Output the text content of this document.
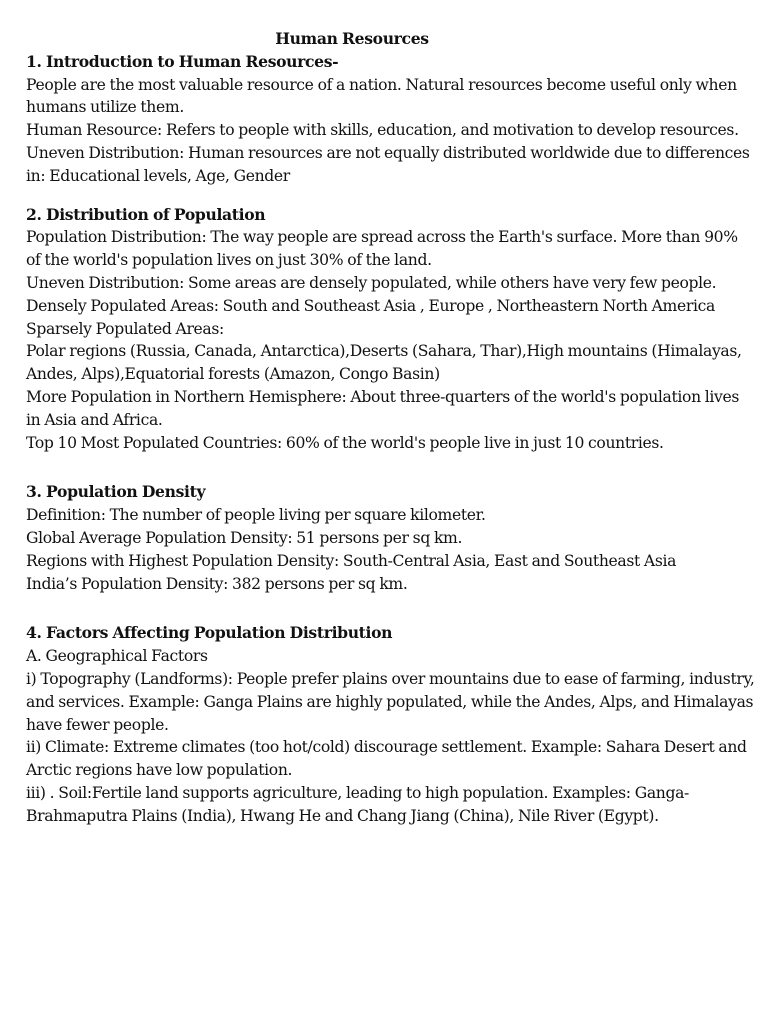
Human Resources
1. Introduction to Human Resources-

People are the most valuable resource of a nation. Natural resources become useful only when humans utilize them.

Human Resource: Refers to people with skills, education, and motivation to develop resources.

Uneven Distribution: Human resources are not equally distributed worldwide due to differences in: Educational levels, Age, Gender

2. Distribution of Population

Population Distribution: The way people are spread across the Earth's surface. More than 90% of the world's population lives on just 30% of the land.

Uneven Distribution: Some areas are densely populated, while others have very few people.

Densely Populated Areas: South and Southeast Asia , Europe , Northeastern North America

Sparsely Populated Areas:

Polar regions (Russia, Canada, Antarctica),Deserts (Sahara, Thar),High mountains (Himalayas, Andes, Alps),Equatorial forests (Amazon, Congo Basin)

More Population in Northern Hemisphere: About three-quarters of the world's population lives in Asia and Africa.

Top 10 Most Populated Countries: 60% of the world's people live in just 10 countries.

3. Population Density

Definition: The number of people living per square kilometer.

Global Average Population Density: 51 persons per sq km.

Regions with Highest Population Density: South-Central Asia, East and Southeast Asia

India’s Population Density: 382 persons per sq km.

4. Factors Affecting Population Distribution

A. Geographical Factors

i) Topography (Landforms): People prefer plains over mountains due to ease of farming, industry, and services. Example: Ganga Plains are highly populated, while the Andes, Alps, and Himalayas have fewer people.

ii) Climate: Extreme climates (too hot/cold) discourage settlement. Example: Sahara Desert and Arctic regions have low population.

iii) . Soil:Fertile land supports agriculture, leading to high population. Examples: Ganga-Brahmaputra Plains (India), Hwang He and Chang Jiang (China), Nile River (Egypt).
